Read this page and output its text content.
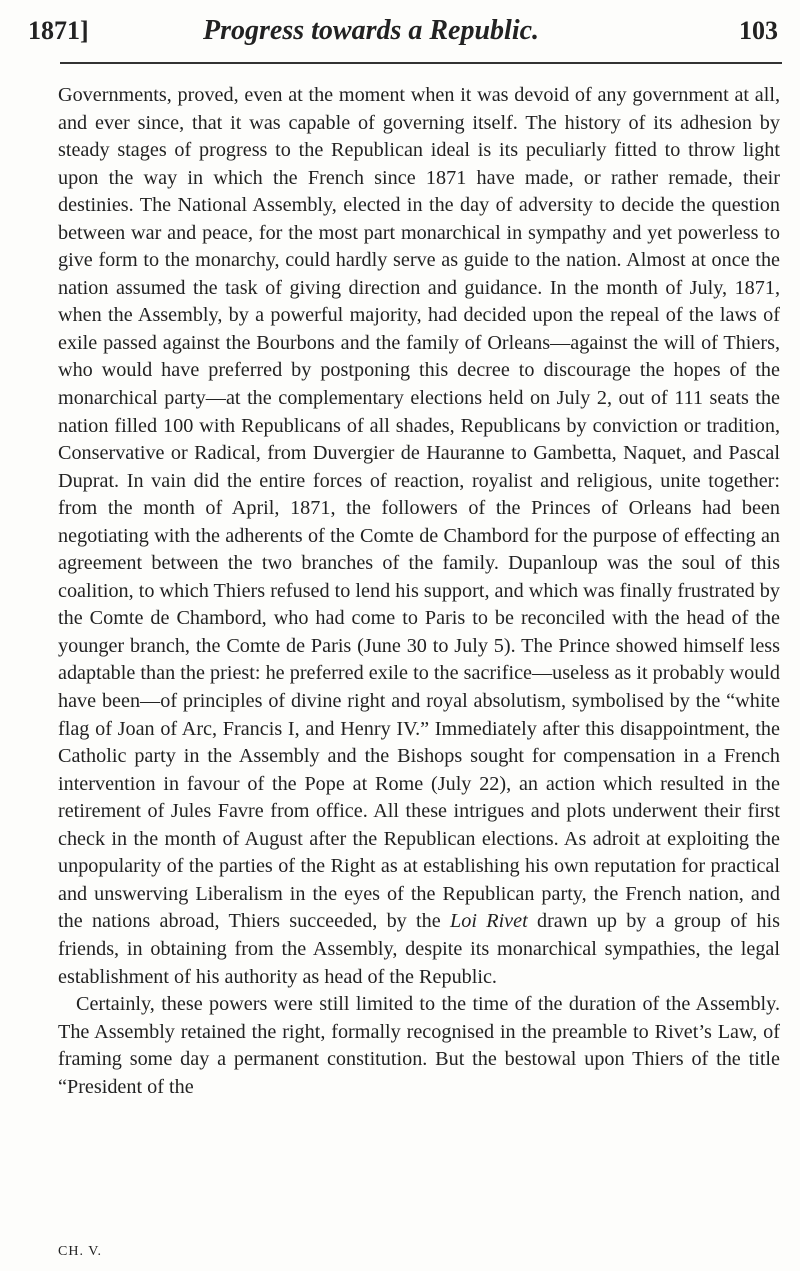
1871]	Progress towards a Republic.	103

Governments, proved, even at the moment when it was devoid of any government at all, and ever since, that it was capable of governing itself. The history of its adhesion by steady stages of progress to the Republican ideal is its peculiarly fitted to throw light upon the way in which the French since 1871 have made, or rather remade, their destinies. The National Assembly, elected in the day of adversity to decide the question between war and peace, for the most part monarchical in sympathy and yet powerless to give form to the monarchy, could hardly serve as guide to the nation. Almost at once the nation assumed the task of giving direction and guidance. In the month of July, 1871, when the Assembly, by a powerful majority, had decided upon the repeal of the laws of exile passed against the Bourbons and the family of Orleans—against the will of Thiers, who would have preferred by postponing this decree to discourage the hopes of the monarchical party—at the complementary elections held on July 2, out of 111 seats the nation filled 100 with Republicans of all shades, Republicans by conviction or tradition, Conservative or Radical, from Duvergier de Hauranne to Gambetta, Naquet, and Pascal Duprat. In vain did the entire forces of reaction, royalist and religious, unite together: from the month of April, 1871, the followers of the Princes of Orleans had been negotiating with the adherents of the Comte de Chambord for the purpose of effecting an agreement between the two branches of the family. Dupanloup was the soul of this coalition, to which Thiers refused to lend his support, and which was finally frustrated by the Comte de Chambord, who had come to Paris to be reconciled with the head of the younger branch, the Comte de Paris (June 30 to July 5). The Prince showed himself less adaptable than the priest: he preferred exile to the sacrifice—useless as it probably would have been—of principles of divine right and royal absolutism, symbolised by the “white flag of Joan of Arc, Francis I, and Henry IV.” Immediately after this disappointment, the Catholic party in the Assembly and the Bishops sought for compensation in a French intervention in favour of the Pope at Rome (July 22), an action which resulted in the retirement of Jules Favre from office. All these intrigues and plots underwent their first check in the month of August after the Republican elections. As adroit at exploiting the unpopularity of the parties of the Right as at establishing his own reputation for practical and unswerving Liberalism in the eyes of the Republican party, the French nation, and the nations abroad, Thiers succeeded, by the Loi Rivet drawn up by a group of his friends, in obtaining from the Assembly, despite its monarchical sympathies, the legal establishment of his authority as head of the Republic.

Certainly, these powers were still limited to the time of the duration of the Assembly. The Assembly retained the right, formally recognised in the preamble to Rivet’s Law, of framing some day a permanent constitution. But the bestowal upon Thiers of the title “President of the

CH. V.
